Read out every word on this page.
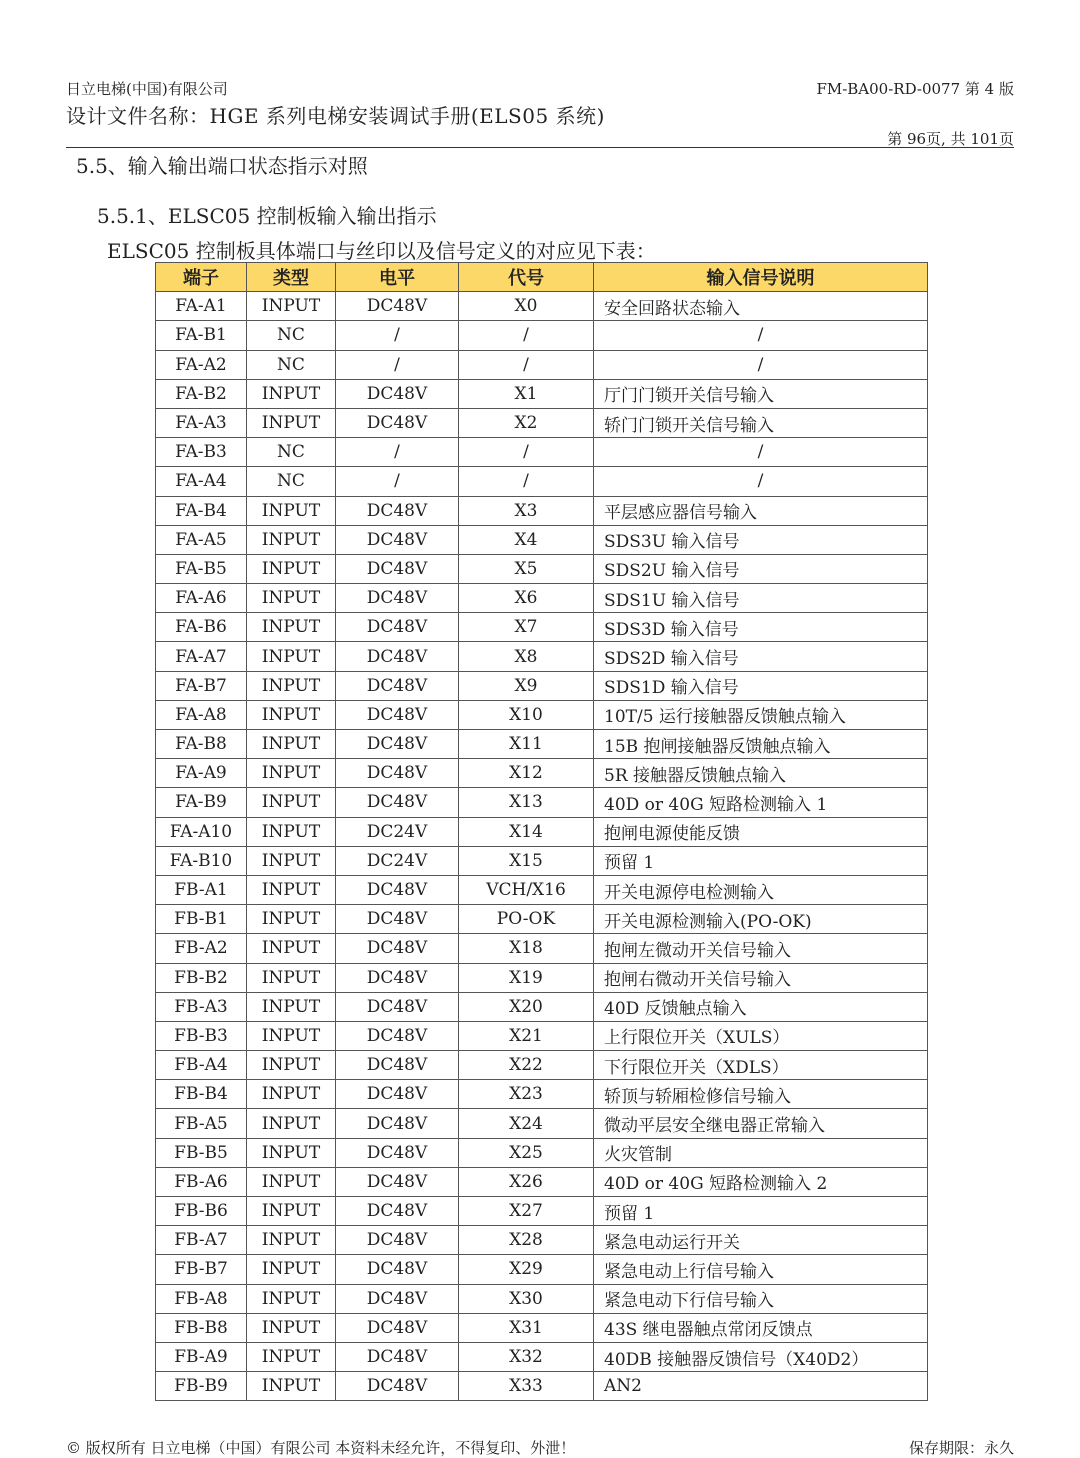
日立电梯(中国)有限公司	FM-BA00-RD-0077 第 4 版
设计文件名称：HGE 系列电梯安装调试手册(ELS05 系统)
第 96页, 共 101页
5.5、输入输出端口状态指示对照
5.5.1、ELSC05 控制板输入输出指示
ELSC05 控制板具体端口与丝印以及信号定义的对应见下表：
端子	类型	电平	代号	输入信号说明
FA-A1	INPUT	DC48V	X0	安全回路状态输入
FA-B1	NC	/	/	/
FA-A2	NC	/	/	/
FA-B2	INPUT	DC48V	X1	厅门门锁开关信号输入
FA-A3	INPUT	DC48V	X2	轿门门锁开关信号输入
FA-B3	NC	/	/	/
FA-A4	NC	/	/	/
FA-B4	INPUT	DC48V	X3	平层感应器信号输入
FA-A5	INPUT	DC48V	X4	SDS3U 输入信号
FA-B5	INPUT	DC48V	X5	SDS2U 输入信号
FA-A6	INPUT	DC48V	X6	SDS1U 输入信号
FA-B6	INPUT	DC48V	X7	SDS3D 输入信号
FA-A7	INPUT	DC48V	X8	SDS2D 输入信号
FA-B7	INPUT	DC48V	X9	SDS1D 输入信号
FA-A8	INPUT	DC48V	X10	10T/5 运行接触器反馈触点输入
FA-B8	INPUT	DC48V	X11	15B 抱闸接触器反馈触点输入
FA-A9	INPUT	DC48V	X12	5R 接触器反馈触点输入
FA-B9	INPUT	DC48V	X13	40D or 40G 短路检测输入 1
FA-A10	INPUT	DC24V	X14	抱闸电源使能反馈
FA-B10	INPUT	DC24V	X15	预留 1
FB-A1	INPUT	DC48V	VCH/X16	开关电源停电检测输入
FB-B1	INPUT	DC48V	PO-OK	开关电源检测输入(PO-OK)
FB-A2	INPUT	DC48V	X18	抱闸左微动开关信号输入
FB-B2	INPUT	DC48V	X19	抱闸右微动开关信号输入
FB-A3	INPUT	DC48V	X20	40D 反馈触点输入
FB-B3	INPUT	DC48V	X21	上行限位开关（XULS）
FB-A4	INPUT	DC48V	X22	下行限位开关（XDLS）
FB-B4	INPUT	DC48V	X23	轿顶与轿厢检修信号输入
FB-A5	INPUT	DC48V	X24	微动平层安全继电器正常输入
FB-B5	INPUT	DC48V	X25	火灾管制
FB-A6	INPUT	DC48V	X26	40D or 40G 短路检测输入 2
FB-B6	INPUT	DC48V	X27	预留 1
FB-A7	INPUT	DC48V	X28	紧急电动运行开关
FB-B7	INPUT	DC48V	X29	紧急电动上行信号输入
FB-A8	INPUT	DC48V	X30	紧急电动下行信号输入
FB-B8	INPUT	DC48V	X31	43S 继电器触点常闭反馈点
FB-A9	INPUT	DC48V	X32	40DB 接触器反馈信号（X40D2）
FB-B9	INPUT	DC48V	X33	AN2
© 版权所有 日立电梯（中国）有限公司 本资料未经允许，不得复印、外泄！	保存期限：永久
